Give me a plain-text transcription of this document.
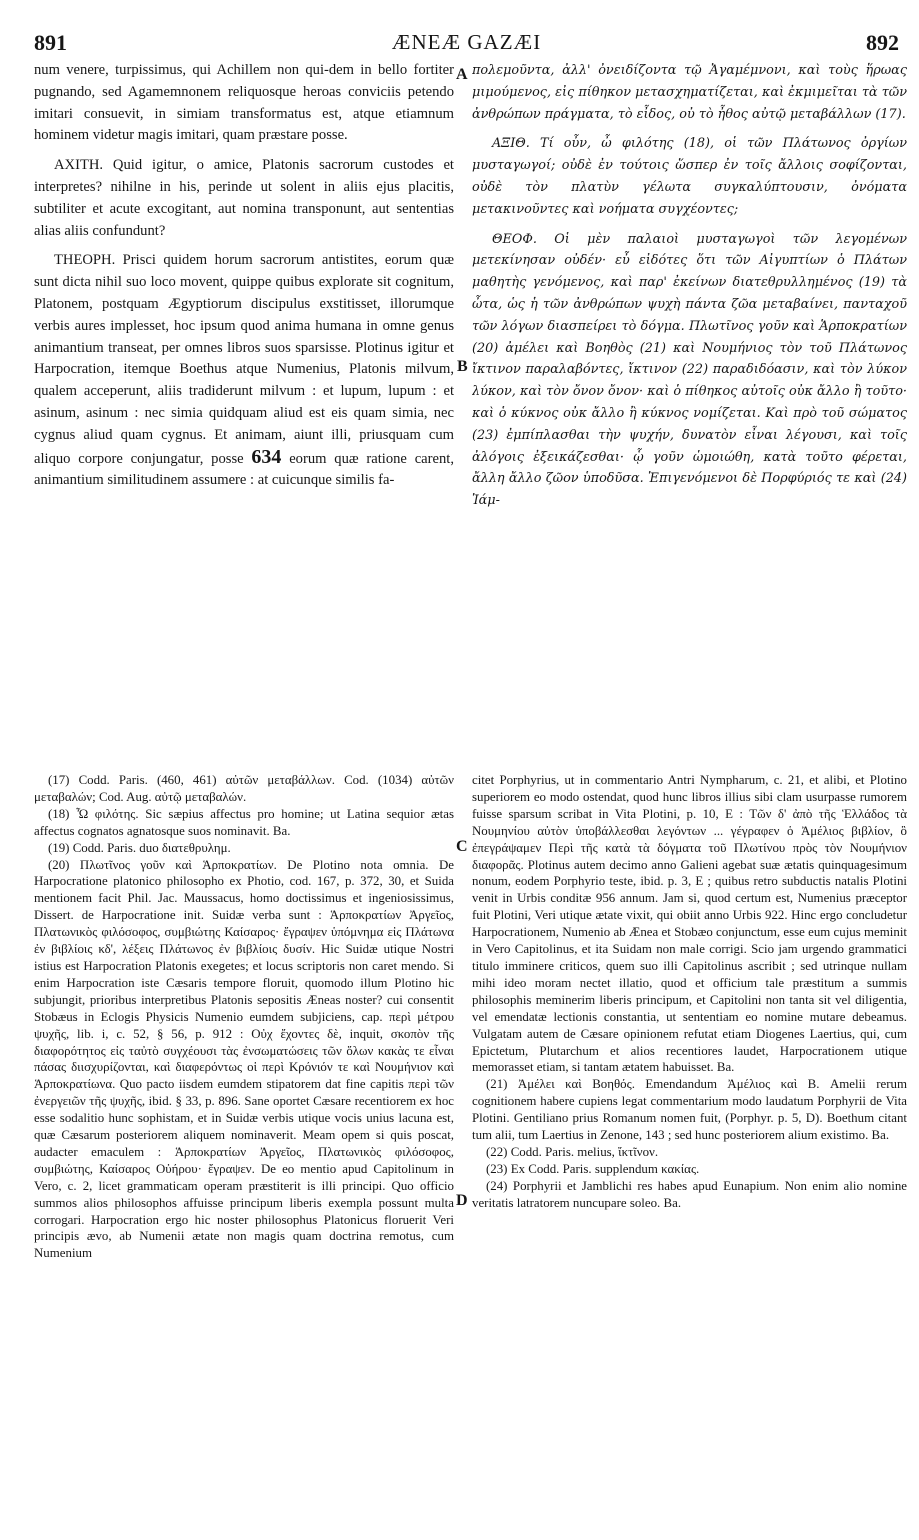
891	ÆNEÆ GAZÆI	892

num venere, turpissimus, qui Achillem non qui-dem in bello fortiter pugnando, sed Agamemnonem reliquosque heroas conviciis petendo imitari consuevit, in simiam transformatus est, atque etiamnum hominem videtur magis imitari, quam præstare posse.

AXITH. Quid igitur, o amice, Platonis sacrorum custodes et interpretes? nihilne in his, perinde ut solent in aliis ejus placitis, subtiliter et acute excogitant, aut nomina transponunt, aut sententias alias aliis confundunt?

THEOPH. Prisci quidem horum sacrorum antistites, eorum quæ sunt dicta nihil suo loco movent, quippe quibus explorate sit cognitum, Platonem, postquam Ægyptiorum discipulus exstitisset, illorumque verbis aures implesset, hoc ipsum quod anima humana in omne genus animantium transeat, per omnes libros suos sparsisse. Plotinus igitur et Harpocration, itemque Boethus atque Numenius, Platonis milvum, qualem acceperunt, aliis tradiderunt milvum : et lupum, lupum : et asinum, asinum : nec simia quidquam aliud est eis quam simia, nec cygnus aliud quam cygnus. Et animam, aiunt illi, priusquam cum aliquo corpore conjungatur, posse 634 eorum quæ ratione carent, animantium similitudinem assumere : at cuicunque similis fa-

A
B
C
D

πολεμοῦντα, ἀλλ' ὀνειδίζοντα τῷ Ἀγαμέμνονι, καὶ τοὺς ἥρωας μιμούμενος, εἰς πίθηκον μετασχηματίζεται, καὶ ἐκμιμεῖται τὰ τῶν ἀνθρώπων πράγματα, τὸ εἶδος, οὐ τὸ ἦθος αὐτῷ μεταβάλλων (17).

ΑΞΙΘ. Τί οὖν, ὦ φιλότης (18), οἱ τῶν Πλάτωνος ὀργίων μυσταγωγοί; οὐδὲ ἐν τούτοις ὥσπερ ἐν τοῖς ἄλλοις σοφίζονται, οὐδὲ τὸν πλατὺν γέλωτα συγκαλύπτουσιν, ὀνόματα μετακινοῦντες καὶ νοήματα συγχέοντες;

ΘΕΟΦ. Οἱ μὲν παλαιοὶ μυσταγωγοὶ τῶν λεγομένων μετεκίνησαν οὐδέν· εὖ εἰδότες ὅτι τῶν Αἰγυπτίων ὁ Πλάτων μαθητὴς γενόμενος, καὶ παρ' ἐκείνων διατεθρυλλημένος (19) τὰ ὦτα, ὡς ἡ τῶν ἀνθρώπων ψυχὴ πάντα ζῶα μεταβαίνει, πανταχοῦ τῶν λόγων διασπείρει τὸ δόγμα. Πλωτῖνος γοῦν καὶ Ἁρποκρατίων (20) ἀμέλει καὶ Βοηθὸς (21) καὶ Νουμήνιος τὸν τοῦ Πλάτωνος ἴκτινον παραλαβόντες, ἴκτινον (22) παραδιδόασιν, καὶ τὸν λύκον λύκον, καὶ τὸν ὄνον ὄνον· καὶ ὁ πίθηκος αὐτοῖς οὐκ ἄλλο ἢ τοῦτο· καὶ ὁ κύκνος οὐκ ἄλλο ἢ κύκνος νομίζεται. Καὶ πρὸ τοῦ σώματος (23) ἐμπίπλασθαι τὴν ψυχήν, δυνατὸν εἶναι λέγουσι, καὶ τοῖς ἀλόγοις ἐξεικάζεσθαι· ᾧ γοῦν ὡμοιώθη, κατὰ τοῦτο φέρεται, ἄλλη ἄλλο ζῶον ὑποδῦσα. Ἐπιγενόμενοι δὲ Πορφύριός τε καὶ (24) Ἰάμ-

(17) Codd. Paris. (460, 461) αὐτῶν μεταβάλλων. Cod. (1034) αὐτῶν μεταβαλών; Cod. Aug. αὐτῷ μεταβαλών.

(18) Ὦ φιλότης. Sic sæpius affectus pro homine; ut Latina sequior ætas affectus cognatos agnatosque suos nominavit. Ba.

(19) Codd. Paris. duo διατεθρυλημ.

(20) Πλωτῖνος γοῦν καὶ Ἁρποκρατίων. De Plotino nota omnia. De Harpocratione platonico philosopho ex Photio, cod. 167, p. 372, 30, et Suida mentionem facit Phil. Jac. Maussacus, homo doctissimus et ingeniosissimus, Dissert. de Harpocratione init. Suidæ verba sunt : Ἁρποκρατίων Ἀργεῖος, Πλατωνικὸς φιλόσοφος, συμβιώτης Καίσαρος· ἔγραψεν ὑπόμνημα εἰς Πλάτωνα ἐν βιβλίοις κδ', λέξεις Πλάτωνος ἐν βιβλίοις δυσίν. Hic Suidæ utique Nostri istius est Harpocration Platonis exegetes; et locus scriptoris non caret mendo. Si enim Harpocration iste Cæsaris tempore floruit, quomodo illum Plotino hic subjungit, prioribus interpretibus Platonis sepositis Æneas noster? cui consentit Stobæus in Eclogis Physicis Numenio eumdem subjiciens, cap. περὶ μέτρου ψυχῆς, lib. i, c. 52, § 56, p. 912 : Οὐχ ἔχοντες δὲ, inquit, σκοπὸν τῆς διαφορότητος εἰς ταὐτὸ συγχέουσι τὰς ἐνσωματώσεις τῶν ὅλων κακὰς τε εἶναι πάσας διισχυρίζονται, καὶ διαφερόντως οἱ περὶ Κρόνιόν τε καὶ Νουμήνιον καὶ Ἁρποκρατίωνα. Quo pacto iisdem eumdem stipatorem dat fine capitis περὶ τῶν ἐνεργειῶν τῆς ψυχῆς, ibid. § 33, p. 896. Sane oportet Cæsare recentiorem ex hoc esse sodalitio hunc sophistam, et in Suidæ verbis utique vocis unius lacuna est, quæ Cæsarum posteriorem aliquem nominaverit. Meam opem si quis poscat, audacter emaculem : Ἁρποκρατίων Ἀργεῖος, Πλατωνικὸς φιλόσοφος, συμβιώτης, Καίσαρος Οὐήρου· ἔγραψεν. De eo mentio apud Capitolinum in Vero, c. 2, licet grammaticam operam præstiterit is illi principi. Quo officio summos alios philosophos affuisse principum liberis exempla possunt multa corrogari. Harpocration ergo hic noster philosophus Platonicus floruerit Veri principis ævo, ab Numenii ætate non magis quam doctrina remotus, cum Numenium

citet Porphyrius, ut in commentario Antri Nympharum, c. 21, et alibi, et Plotino superiorem eo modo ostendat, quod hunc libros illius sibi clam usurpasse rumorem fuisse sparsum scribat in Vita Plotini, p. 10, E : Τῶν δ' ἀπὸ τῆς Ἑλλάδος τὰ Νουμηνίου αὐτὸν ὑποβάλλεσθαι λεγόντων ... γέγραφεν ὁ Ἀμέλιος βιβλίον, ὃ ἐπεγράψαμεν Περὶ τῆς κατὰ τὰ δόγματα τοῦ Πλωτίνου πρὸς τὸν Νουμήνιον διαφορᾶς. Plotinus autem decimo anno Galieni agebat suæ ætatis quinquagesimum nonum, eodem Porphyrio teste, ibid. p. 3, E ; quibus retro subductis natalis Plotini venit in Urbis conditæ 956 annum. Jam si, quod certum est, Numenius præceptor fuit Plotini, Veri utique ætate vixit, qui obiit anno Urbis 922. Hinc ergo concludetur Harpocrationem, Numenio ab Ænea et Stobæo conjunctum, esse eum cujus meminit in Vero Capitolinus, et ita Suidam non male corrigi. Scio jam urgendo grammatici titulo imminere criticos, quem suo illi Capitolinus ascribit ; sed utrinque nullam mihi ideo moram nectet illatio, quod et officium tale præstitum a summis philosophis meminerim liberis principum, et Capitolini non tanta sit vel diligentia, vel emendatæ lectionis constantia, ut sententiam eo nomine mutare debeamus. Vulgatam autem de Cæsare opinionem refutat etiam Diogenes Laertius, qui, cum Epictetum, Plutarchum et alios recentiores laudet, Harpocrationem utique memorasset etiam, si tantam ætatem habuisset. Ba.

(21) Ἀμέλει καὶ Βοηθός. Emendandum Ἀμέλιος καὶ Β. Amelii rerum cognitionem habere cupiens legat commentarium modo laudatum Porphyrii de Vita Plotini. Gentiliano prius Romanum nomen fuit, (Porphyr. p. 5, D). Boethum citant tum alii, tum Laertius in Zenone, 143 ; sed hunc posteriorem alium existimo. Ba.

(22) Codd. Paris. melius, ἴκτῖνον.

(23) Ex Codd. Paris. supplendum κακίας.

(24) Porphyrii et Jamblichi res habes apud Eunapium. Non enim alio nomine veritatis latratorem nuncupare soleo. Ba.
